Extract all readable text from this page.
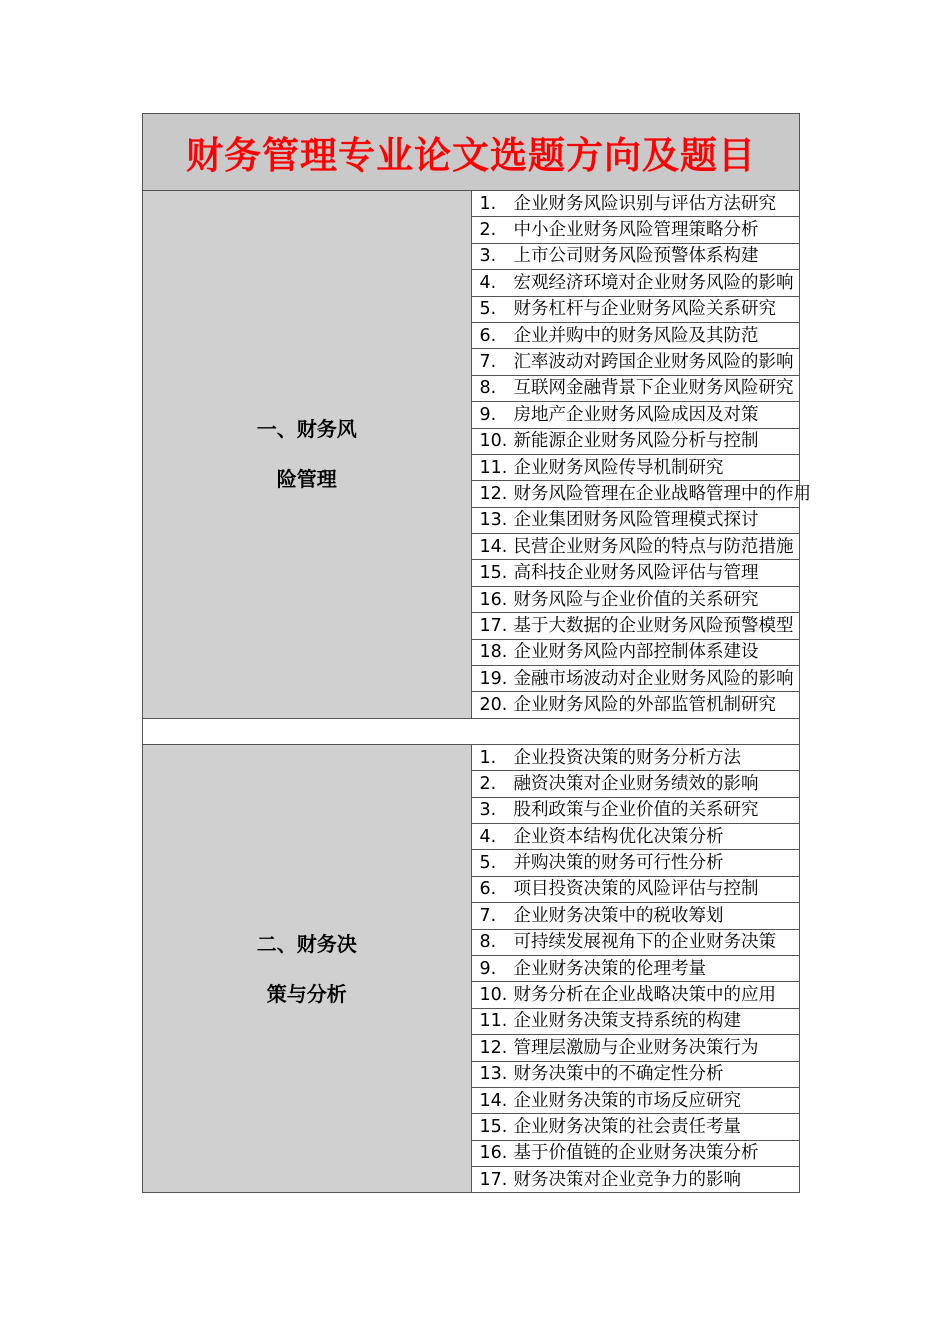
财务管理专业论文选题方向及题目	

一、财务风
险管理	1. 企业财务风险识别与评估方法研究
	2. 中小企业财务风险管理策略分析
	3. 上市公司财务风险预警体系构建
	4. 宏观经济环境对企业财务风险的影响
	5. 财务杠杆与企业财务风险关系研究
	6. 企业并购中的财务风险及其防范
	7. 汇率波动对跨国企业财务风险的影响
	8. 互联网金融背景下企业财务风险研究
	9. 房地产企业财务风险成因及对策
	10. 新能源企业财务风险分析与控制
	11. 企业财务风险传导机制研究
	12. 财务风险管理在企业战略管理中的作用
	13. 企业集团财务风险管理模式探讨
	14. 民营企业财务风险的特点与防范措施
	15. 高科技企业财务风险评估与管理
	16. 财务风险与企业价值的关系研究
	17. 基于大数据的企业财务风险预警模型
	18. 企业财务风险内部控制体系建设
	19. 金融市场波动对企业财务风险的影响
	20. 企业财务风险的外部监管机制研究

二、财务决
策与分析	1. 企业投资决策的财务分析方法
	2. 融资决策对企业财务绩效的影响
	3. 股利政策与企业价值的关系研究
	4. 企业资本结构优化决策分析
	5. 并购决策的财务可行性分析
	6. 项目投资决策的风险评估与控制
	7. 企业财务决策中的税收筹划
	8. 可持续发展视角下的企业财务决策
	9. 企业财务决策的伦理考量
	10. 财务分析在企业战略决策中的应用
	11. 企业财务决策支持系统的构建
	12. 管理层激励与企业财务决策行为
	13. 财务决策中的不确定性分析
	14. 企业财务决策的市场反应研究
	15. 企业财务决策的社会责任考量
	16. 基于价值链的企业财务决策分析
	17. 财务决策对企业竞争力的影响
